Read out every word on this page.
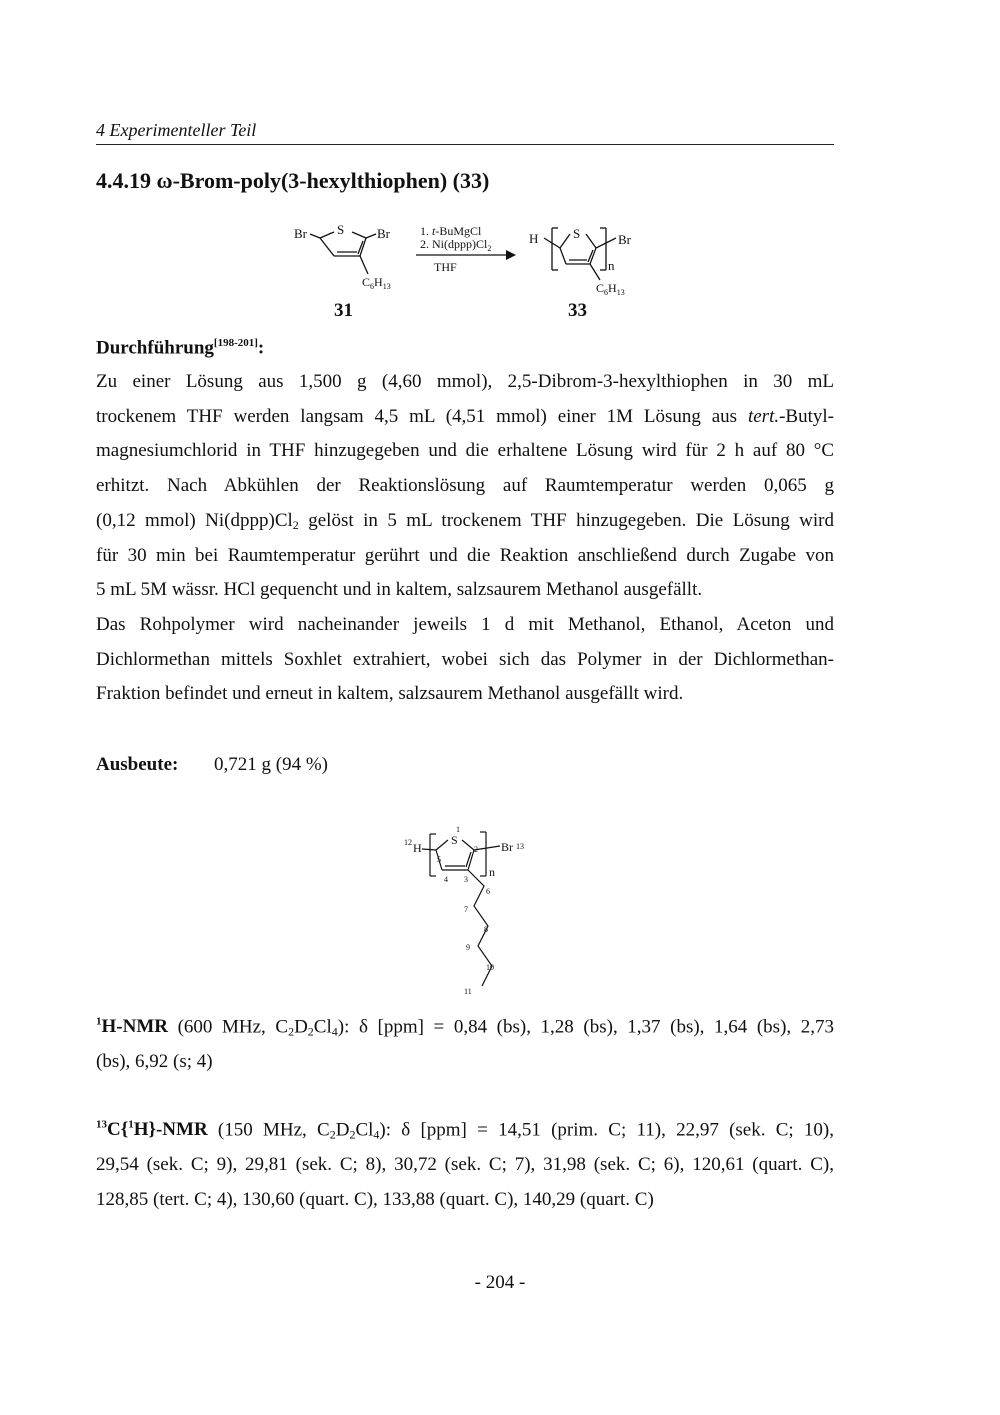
4 Experimenteller Teil
4.4.19 ω-Brom-poly(3-hexylthiophen) (33)
S
Br	Br
$C_6H_{13}$
31
1. t-BuMgCl
2. $Ni(dppp)Cl_2$
THF
H	S	Br
n
$C_6H_{13}$
33
Durchführung[198-201]:
Zu einer Lösung aus 1,500 g (4,60 mmol), 2,5-Dibrom-3-hexylthiophen in 30 mL
trockenem THF werden langsam 4,5 mL (4,51 mmol) einer 1M Lösung aus tert.-Butyl-
magnesiumchlorid in THF hinzugegeben und die erhaltene Lösung wird für 2 h auf 80 °C
erhitzt. Nach Abkühlen der Reaktionslösung auf Raumtemperatur werden 0,065 g
(0,12 mmol) $Ni(dppp)Cl_2$ gelöst in 5 mL trockenem THF hinzugegeben. Die Lösung wird
für 30 min bei Raumtemperatur gerührt und die Reaktion anschließend durch Zugabe von
5 mL 5M wässr. HCl gequencht und in kaltem, salzsaurem Methanol ausgefällt.
Das Rohpolymer wird nacheinander jeweils 1 d mit Methanol, Ethanol, Aceton und
Dichlormethan mittels Soxhlet extrahiert, wobei sich das Polymer in der Dichlormethan-
Fraktion befindet und erneut in kaltem, salzsaurem Methanol ausgefällt wird.
Ausbeute: 0,721 g (94 %)
H
S	Br
n
1
2
3
4
5
6
7
8
9
10
11
12	13
$^1$H-NMR (600 MHz, $C_2D_2Cl_4$): δ [ppm] = 0,84 (bs), 1,28 (bs), 1,37 (bs), 1,64 (bs), 2,73
(bs), 6,92 (s; 4)
$^{13}$C{$^1$H}-NMR (150 MHz, $C_2D_2Cl_4$): δ [ppm] = 14,51 (prim. C; 11), 22,97 (sek. C; 10),
29,54 (sek. C; 9), 29,81 (sek. C; 8), 30,72 (sek. C; 7), 31,98 (sek. C; 6), 120,61 (quart. C),
128,85 (tert. C; 4), 130,60 (quart. C), 133,88 (quart. C), 140,29 (quart. C)
- 204 -
